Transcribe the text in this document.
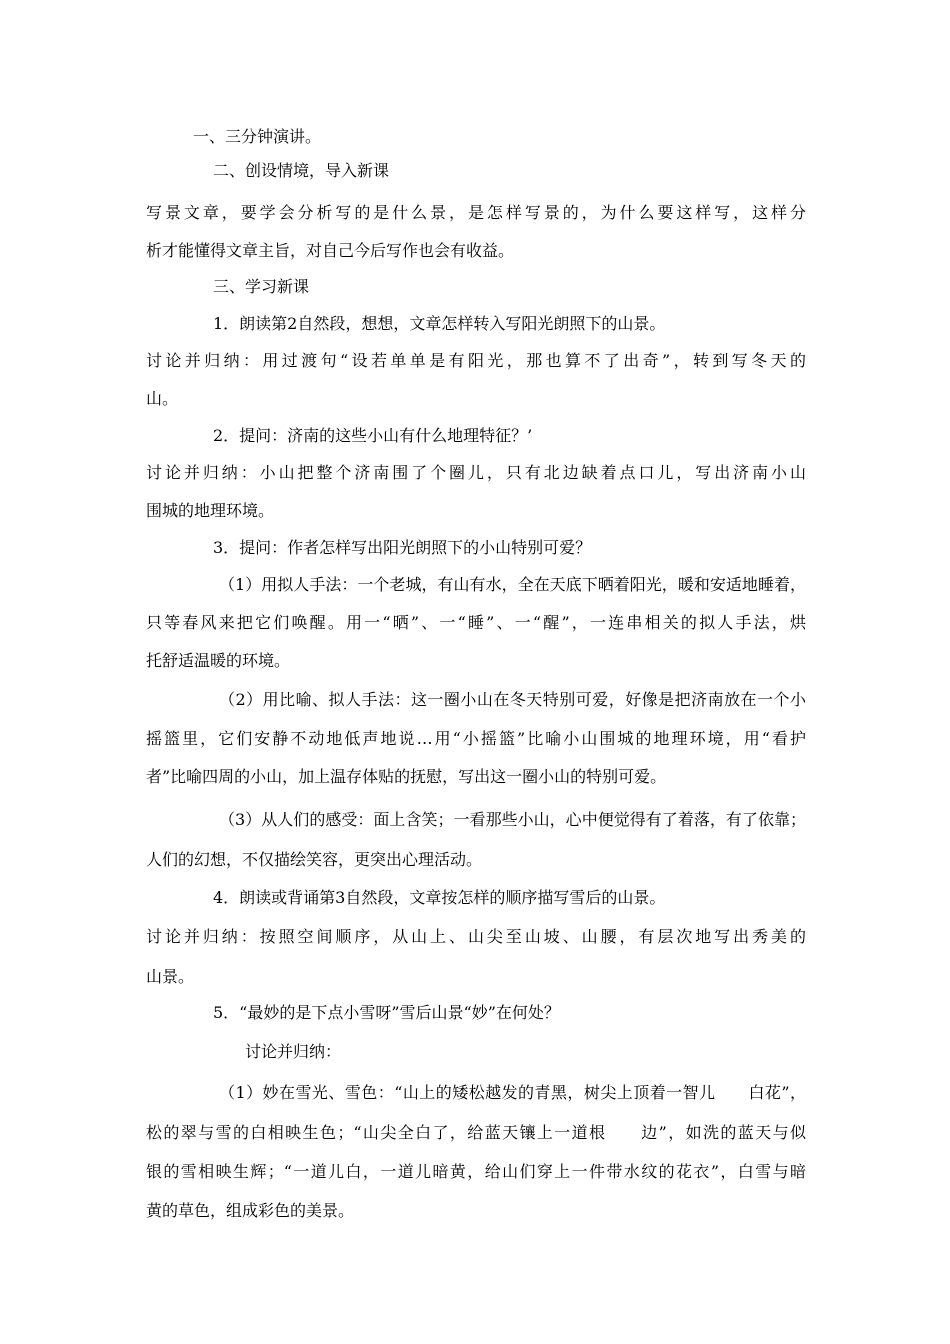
一、三分钟演讲。
二、创设情境，导入新课
写景文章，要学会分析写的是什么景，是怎样写景的，为什么要这样写，这样分
析才能懂得文章主旨，对自己今后写作也会有收益。
三、学习新课
1．朗读第2自然段，想想，文章怎样转入写阳光朗照下的山景。
讨论并归纳：用过渡句“设若单单是有阳光，那也算不了出奇”，转到写冬天的
山。
2．提问：济南的这些小山有什么地理特征？’
讨论并归纳：小山把整个济南围了个圈儿，只有北边缺着点口儿，写出济南小山
围城的地理环境。
3．提问：作者怎样写出阳光朗照下的小山特别可爱？
（1）用拟人手法：一个老城，有山有水，全在天底下晒着阳光，暖和安适地睡着，
只等春风来把它们唤醒。用一“晒”、一“睡”、一“醒”，一连串相关的拟人手法，烘
托舒适温暖的环境。
（2）用比喻、拟人手法：这一圈小山在冬天特别可爱，好像是把济南放在一个小
摇篮里，它们安静不动地低声地说…用“小摇篮”比喻小山围城的地理环境，用“看护
者”比喻四周的小山，加上温存体贴的抚慰，写出这一圈小山的特别可爱。
（3）从人们的感受：面上含笑；一看那些小山，心中便觉得有了着落，有了依靠；
人们的幻想，不仅描绘笑容，更突出心理活动。
4．朗读或背诵第3自然段，文章按怎样的顺序描写雪后的山景。
讨论并归纳：按照空间顺序，从山上、山尖至山坡、山腰，有层次地写出秀美的
山景。
5．“最妙的是下点小雪呀”雪后山景“妙”在何处？
讨论并归纳：
（1）妙在雪光、雪色：“山上的矮松越发的青黑，树尖上顶着一智儿　　白花”，
松的翠与雪的白相映生色；“山尖全白了，给蓝天镶上一道根　　边”，如洗的蓝天与似
银的雪相映生辉；“一道儿白，一道儿暗黄，给山们穿上一件带水纹的花衣”，白雪与暗
黄的草色，组成彩色的美景。
